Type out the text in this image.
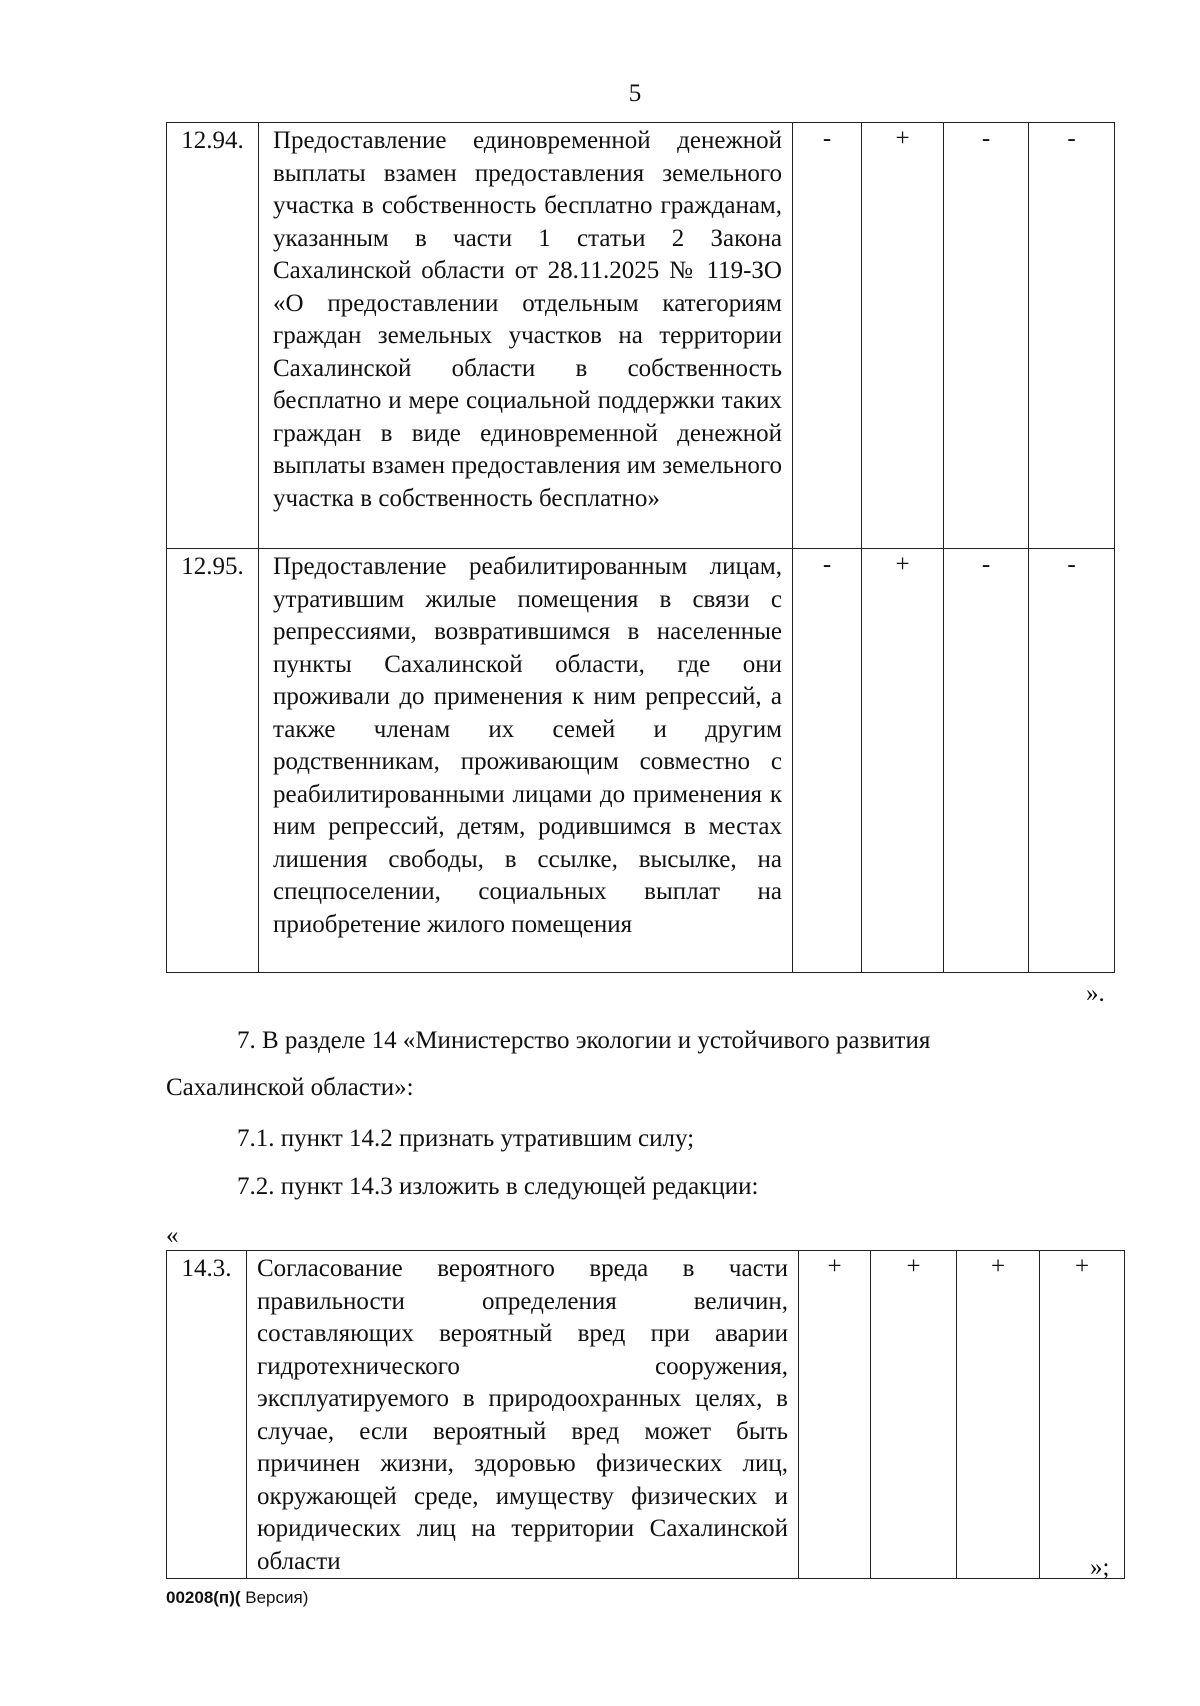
5
12.94.	Предоставление единовременной денежной выплаты взамен предоставления земельного участка в собственность бесплатно гражданам, указанным в части 1 статьи 2 Закона Сахалинской области от 28.11.2025 № 119-ЗО «О предоставлении отдельным категориям граждан земельных участков на территории Сахалинской области в собственность бесплатно и мере социальной поддержки таких граждан в виде единовременной денежной выплаты взамен предоставления им земельного участка в собственность бесплатно»	-	+	-	-
12.95.	Предоставление реабилитированным лицам, утратившим жилые помещения в связи с репрессиями, возвратившимся в населенные пункты Сахалинской области, где они проживали до применения к ним репрессий, а также членам их семей и другим родственникам, проживающим совместно с реабилитированными лицами до применения к ним репрессий, детям, родившимся в местах лишения свободы, в ссылке, высылке, на спецпоселении, социальных выплат на приобретение жилого помещения	-	+	-	-
».
7. В разделе 14 «Министерство экологии и устойчивого развития
Сахалинской области»:
7.1. пункт 14.2 признать утратившим силу;
7.2. пункт 14.3 изложить в следующей редакции:
«
14.3.	Согласование вероятного вреда в части правильности определения величин, составляющих вероятный вред при аварии гидротехнического сооружения, эксплуатируемого в природоохранных целях, в случае, если вероятный вред может быть причинен жизни, здоровью физических лиц, окружающей среде, имуществу физических и юридических лиц на территории Сахалинской области	+	+	+	+
»;
00208(п)( Версия)
